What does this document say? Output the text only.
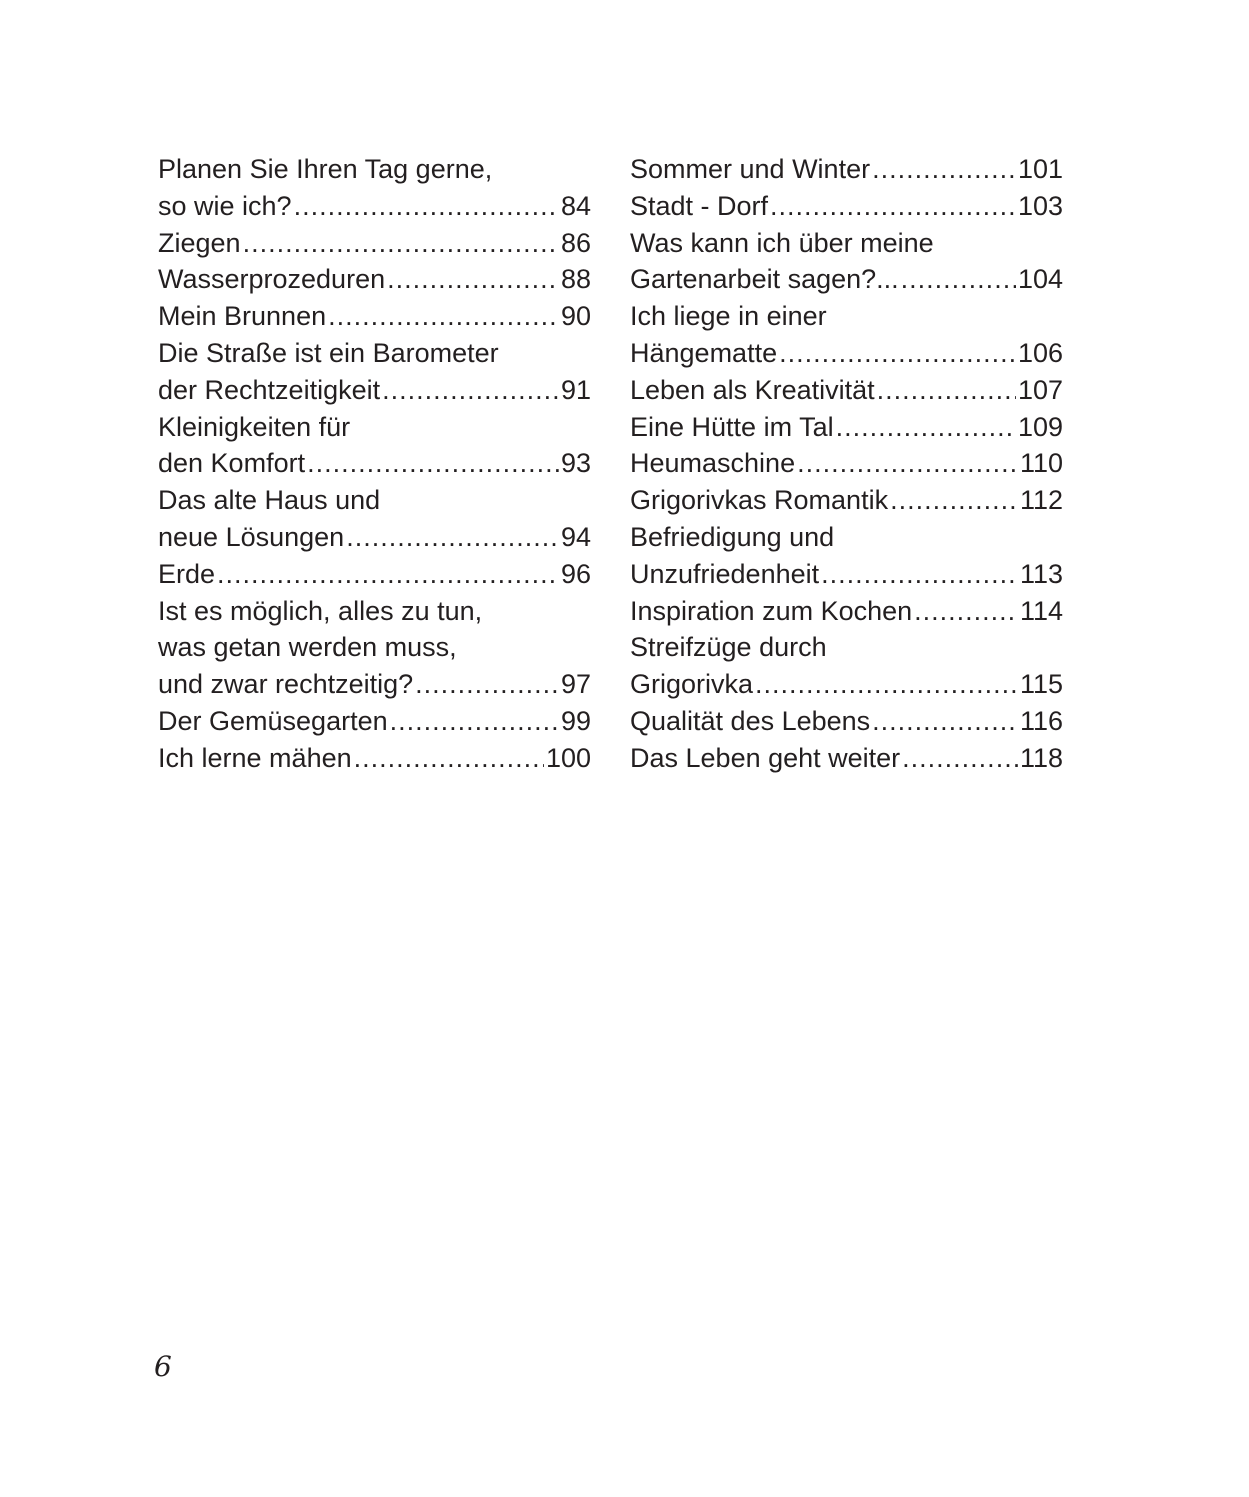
Planen Sie Ihren Tag gerne,
so wie ich? .....	84
Ziegen .....	86
Wasserprozeduren .....	88
Mein Brunnen .....	90
Die Straße ist ein Barometer
der Rechtzeitigkeit .....	91
Kleinigkeiten für
den Komfort .....	93
Das alte Haus und
neue Lösungen .....	94
Erde .....	96
Ist es möglich, alles zu tun,
was getan werden muss,
und zwar rechtzeitig? .....	97
Der Gemüsegarten .....	99
Ich lerne mähen .....	100
Sommer und Winter .....	101
Stadt - Dorf .....	103
Was kann ich über meine
Gartenarbeit sagen?... .....	104
Ich liege in einer
Hängematte .....	106
Leben als Kreativität .....	107
Eine Hütte im Tal .....	109
Heumaschine .....	110
Grigorivkas Romantik .....	112
Befriedigung und
Unzufriedenheit .....	113
Inspiration zum Kochen .....	114
Streifzüge durch
Grigorivka .....	115
Qualität des Lebens .....	116
Das Leben geht weiter .....	118
6
